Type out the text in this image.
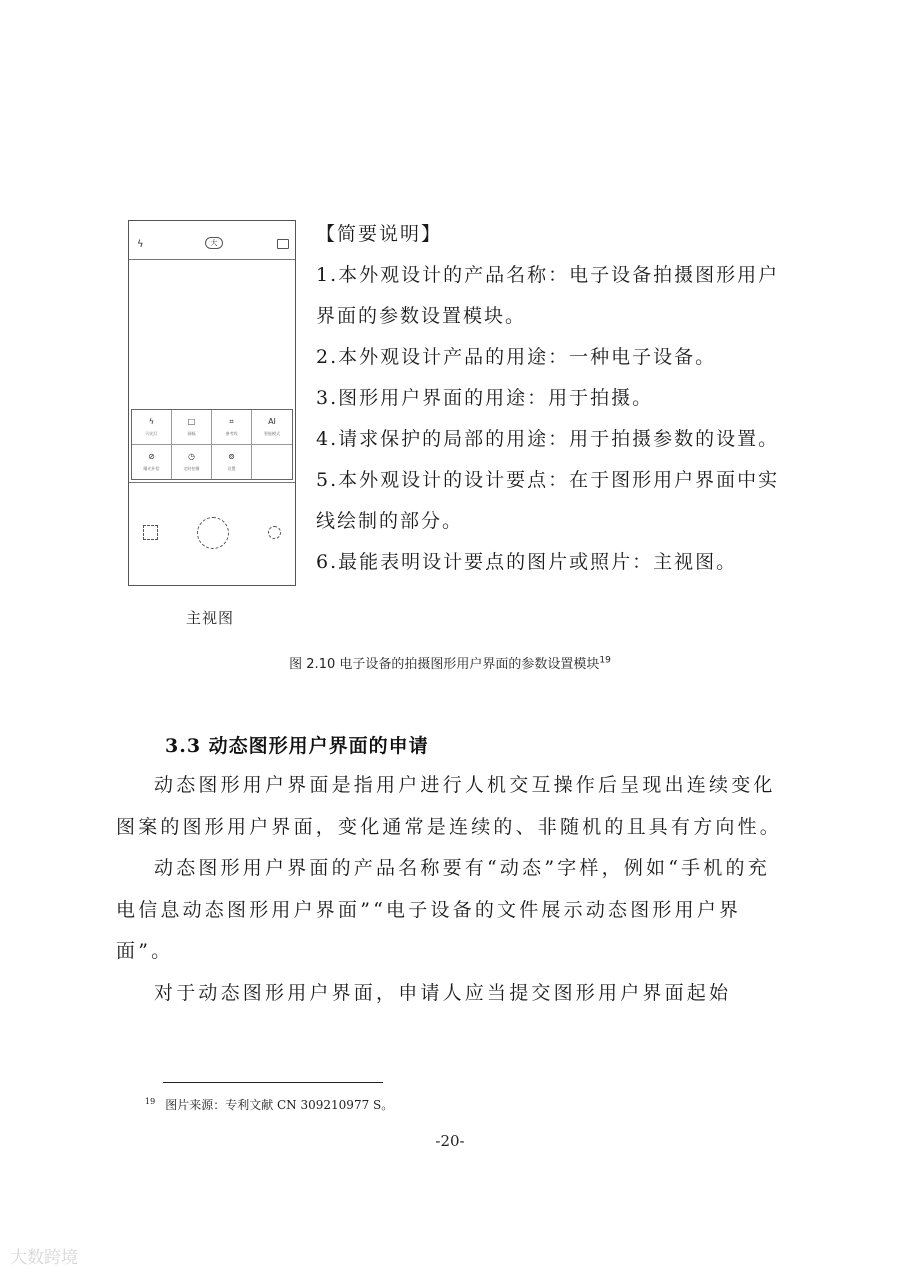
ϟ	大
ϟ
闪光灯
□
画幅
⌗
参考线
AI
智能模式
⊘
曝光补偿
◷
定时拍摄
⊚
设置
主视图

【简要说明】

1.本外观设计的产品名称：电子设备拍摄图形用户界面的参数设置模块。

2.本外观设计产品的用途：一种电子设备。

3.图形用户界面的用途：用于拍摄。

4.请求保护的局部的用途：用于拍摄参数的设置。

5.本外观设计的设计要点：在于图形用户界面中实线绘制的部分。

6.最能表明设计要点的图片或照片：主视图。

图 2.10 电子设备的拍摄图形用户界面的参数设置模块$^{19}$
3.3 动态图形用户界面的申请

动态图形用户界面是指用户进行人机交互操作后呈现出连续变化图案的图形用户界面，变化通常是连续的、非随机的且具有方向性。

动态图形用户界面的产品名称要有“动态”字样，例如“手机的充电信息动态图形用户界面”“电子设备的文件展示动态图形用户界面”。

对于动态图形用户界面，申请人应当提交图形用户界面起始

$^{19}$ 图片来源：专利文献 CN 309210977 S。
-20-
大数跨境
